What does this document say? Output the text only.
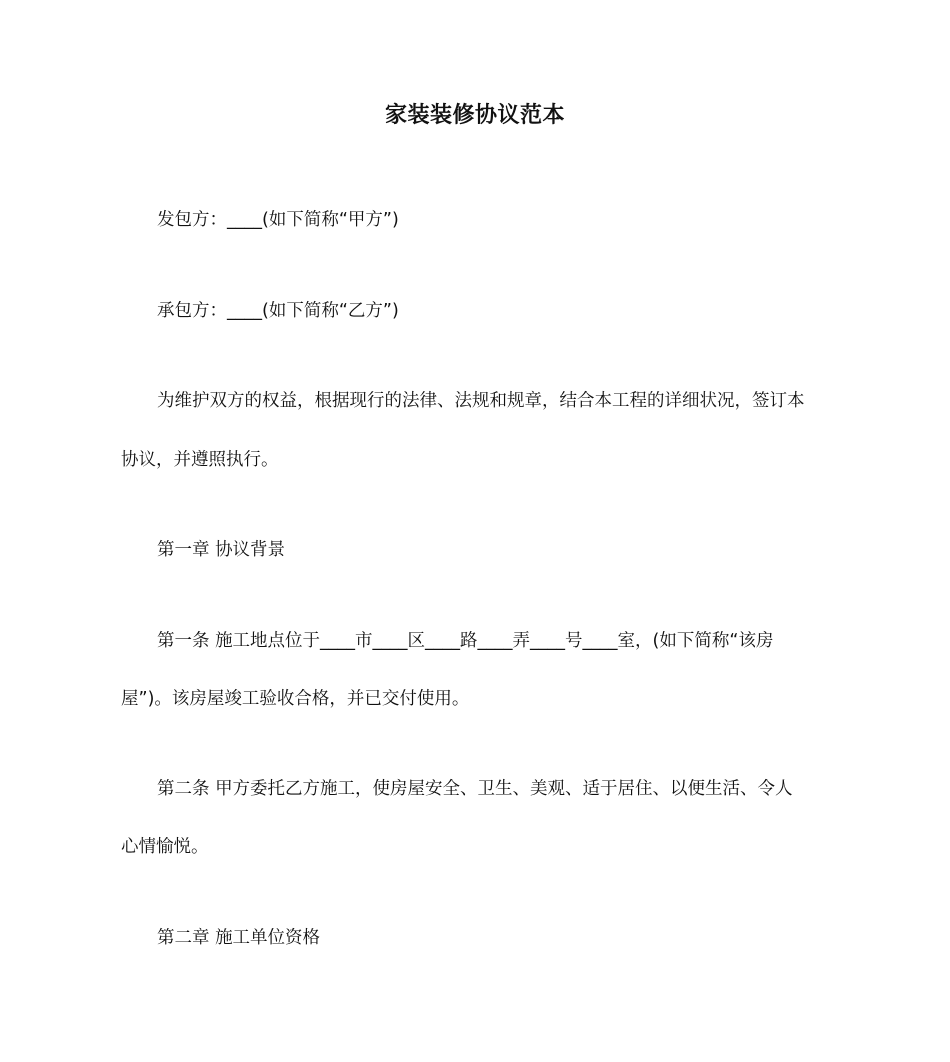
家装装修协议范本
发包方：____(如下简称“甲方”)
承包方：____(如下简称“乙方”)
为维护双方的权益，根据现行的法律、法规和规章，结合本工程的详细状况，签订本
协议，并遵照执行。
第一章 协议背景
第一条 施工地点位于____市____区____路____弄____号____室，(如下简称“该房
屋”)。该房屋竣工验收合格，并已交付使用。
第二条 甲方委托乙方施工，使房屋安全、卫生、美观、适于居住、以便生活、令人
心情愉悦。
第二章 施工单位资格
